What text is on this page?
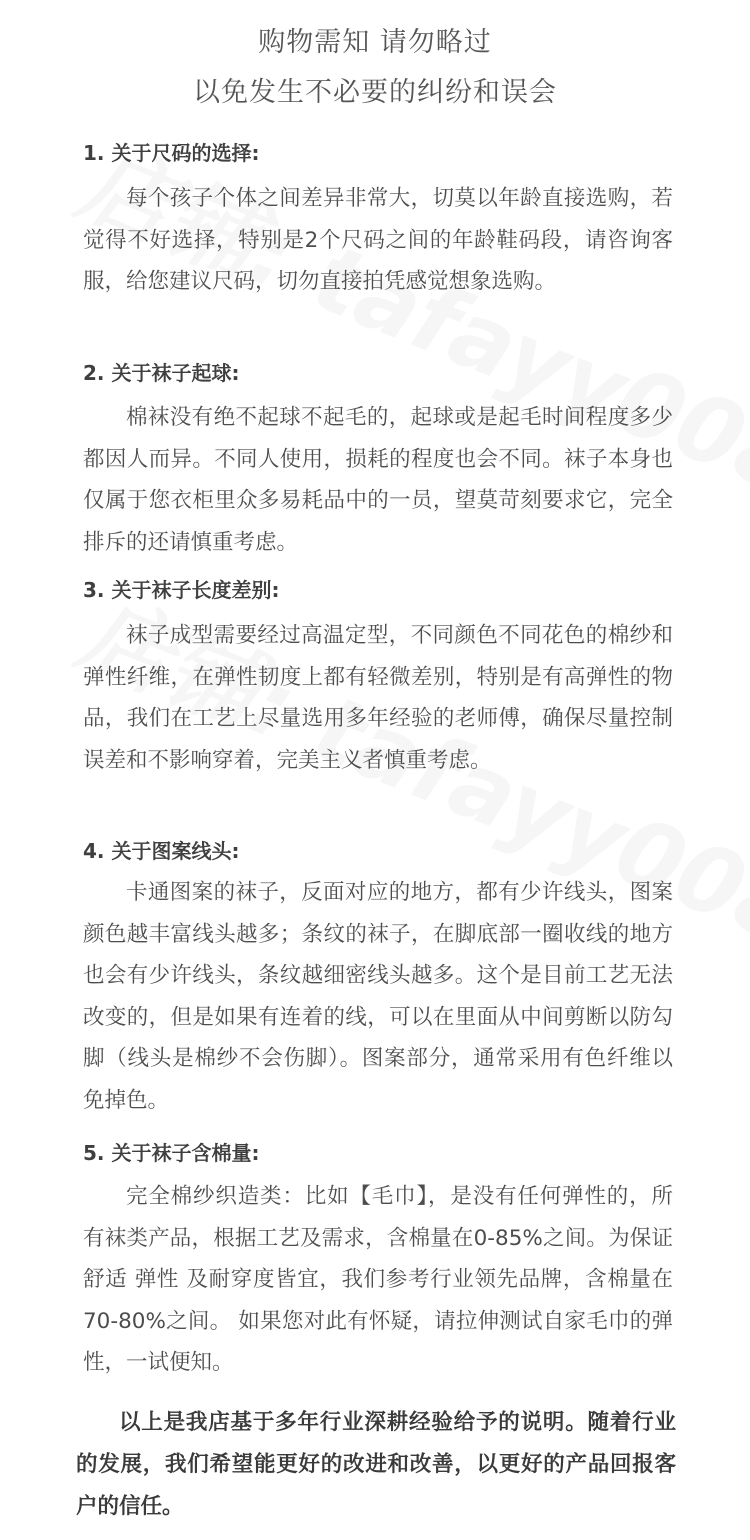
购物需知 请勿略过
以免发生不必要的纠纷和误会
1. 关于尺码的选择:
每个孩子个体之间差异非常大，切莫以年龄直接选购，若觉得不好选择，特别是2个尺码之间的年龄鞋码段，请咨询客服，给您建议尺码，切勿直接拍凭感觉想象选购。
2. 关于袜子起球:
棉袜没有绝不起球不起毛的，起球或是起毛时间程度多少都因人而异。不同人使用，损耗的程度也会不同。袜子本身也仅属于您衣柜里众多易耗品中的一员，望莫苛刻要求它，完全排斥的还请慎重考虑。
3. 关于袜子长度差别:
袜子成型需要经过高温定型，不同颜色不同花色的棉纱和弹性纤维，在弹性韧度上都有轻微差别，特别是有高弹性的物品，我们在工艺上尽量选用多年经验的老师傅，确保尽量控制误差和不影响穿着，完美主义者慎重考虑。
4. 关于图案线头:
卡通图案的袜子，反面对应的地方，都有少许线头，图案颜色越丰富线头越多；条纹的袜子，在脚底部一圈收线的地方也会有少许线头，条纹越细密线头越多。这个是目前工艺无法改变的，但是如果有连着的线，可以在里面从中间剪断以防勾脚（线头是棉纱不会伤脚）。图案部分，通常采用有色纤维以免掉色。
5. 关于袜子含棉量:
完全棉纱织造类：比如【毛巾】，是没有任何弹性的，所有袜类产品，根据工艺及需求，含棉量在0-85%之间。为保证舒适 弹性 及耐穿度皆宜，我们参考行业领先品牌，含棉量在70-80%之间。 如果您对此有怀疑，请拉伸测试自家毛巾的弹性，一试便知。
以上是我店基于多年行业深耕经验给予的说明。随着行业的发展，我们希望能更好的改进和改善，以更好的产品回报客户的信任。
